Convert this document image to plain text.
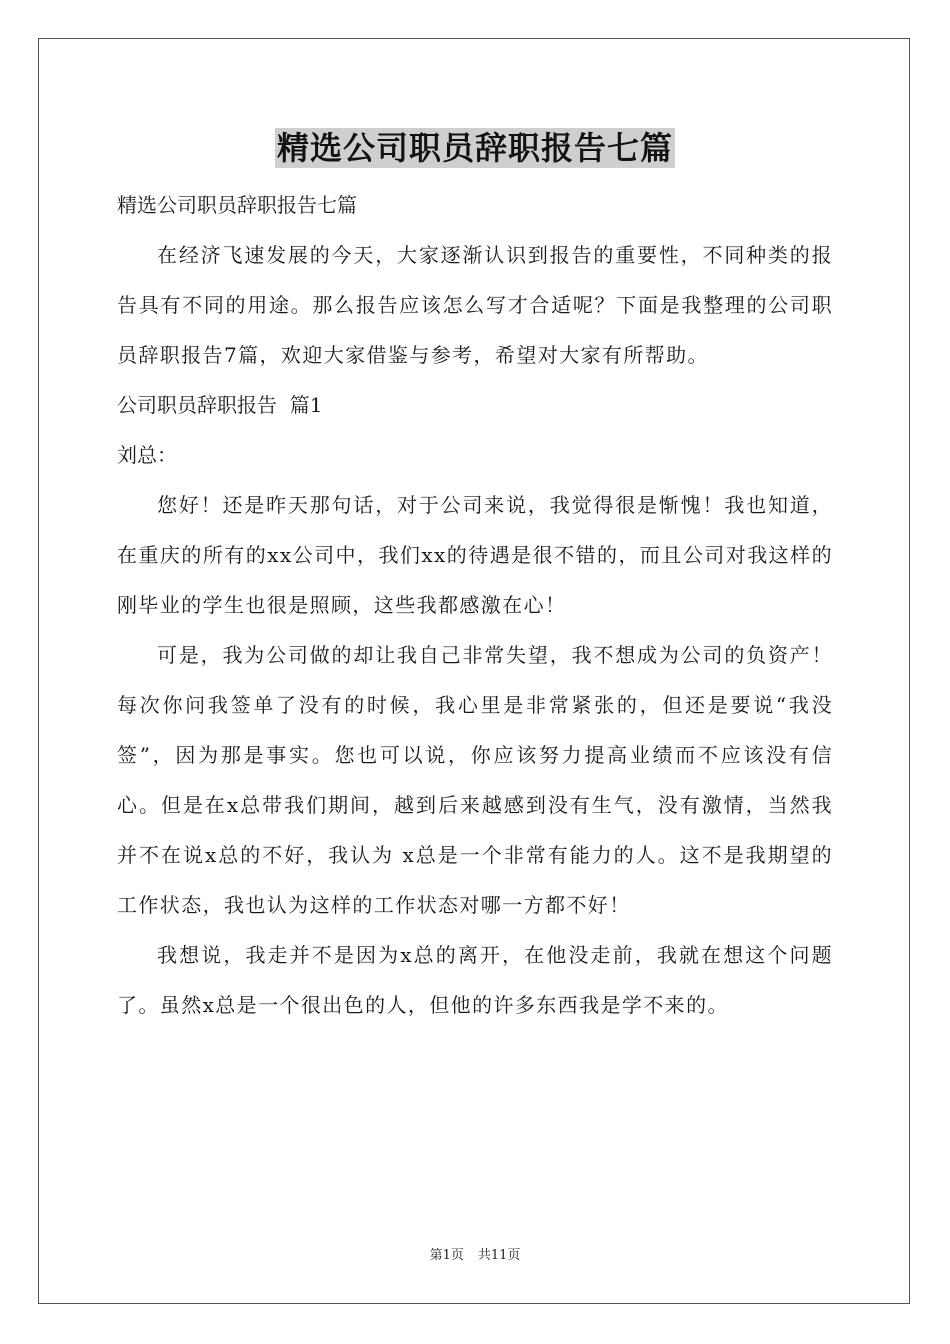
精选公司职员辞职报告七篇

精选公司职员辞职报告七篇

在经济飞速发展的今天，大家逐渐认识到报告的重要性，不同种类的报告具有不同的用途。那么报告应该怎么写才合适呢？下面是我整理的公司职员辞职报告7篇，欢迎大家借鉴与参考，希望对大家有所帮助。

公司职员辞职报告  篇1

刘总：

您好！还是昨天那句话，对于公司来说，我觉得很是惭愧！我也知道，在重庆的所有的xx公司中，我们xx的待遇是很不错的，而且公司对我这样的刚毕业的学生也很是照顾，这些我都感激在心！

可是，我为公司做的却让我自己非常失望，我不想成为公司的负资产！每次你问我签单了没有的时候，我心里是非常紧张的，但还是要说“我没签”，因为那是事实。您也可以说，你应该努力提高业绩而不应该没有信心。但是在x总带我们期间，越到后来越感到没有生气，没有激情，当然我并不在说x总的不好，我认为 x总是一个非常有能力的人。这不是我期望的工作状态，我也认为这样的工作状态对哪一方都不好！

我想说，我走并不是因为x总的离开，在他没走前，我就在想这个问题了。虽然x总是一个很出色的人，但他的许多东西我是学不来的。

第1页 共11页
